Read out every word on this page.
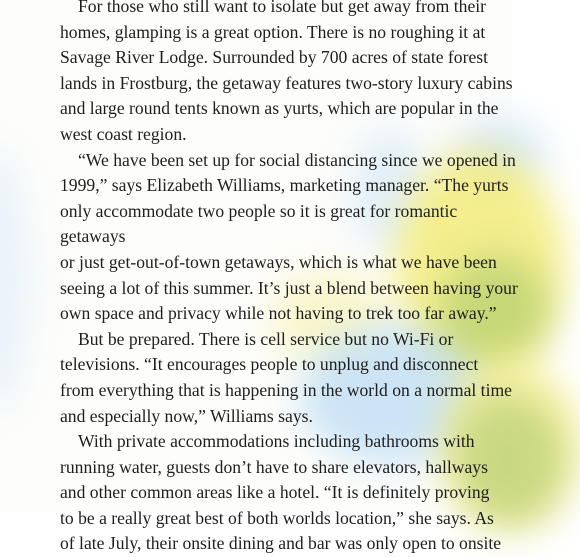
For those who still want to isolate but get away from their
homes, glamping is a great option. There is no roughing it at
Savage River Lodge. Surrounded by 700 acres of state forest
lands in Frostburg, the getaway features two-story luxury cabins
and large round tents known as yurts, which are popular in the
west coast region.

“We have been set up for social distancing since we opened in
1999,” says Elizabeth Williams, marketing manager. “The yurts
only accommodate two people so it is great for romantic getaways
or just get-out-of-town getaways, which is what we have been
seeing a lot of this summer. It’s just a blend between having your
own space and privacy while not having to trek too far away.”

But be prepared. There is cell service but no Wi-Fi or
televisions. “It encourages people to unplug and disconnect
from everything that is happening in the world on a normal time
and especially now,” Williams says.

With private accommodations including bathrooms with
running water, guests don’t have to share elevators, hallways
and other common areas like a hotel. “It is definitely proving
to be a really great best of both worlds location,” she says. As
of late July, their onsite dining and bar was only open to onsite
